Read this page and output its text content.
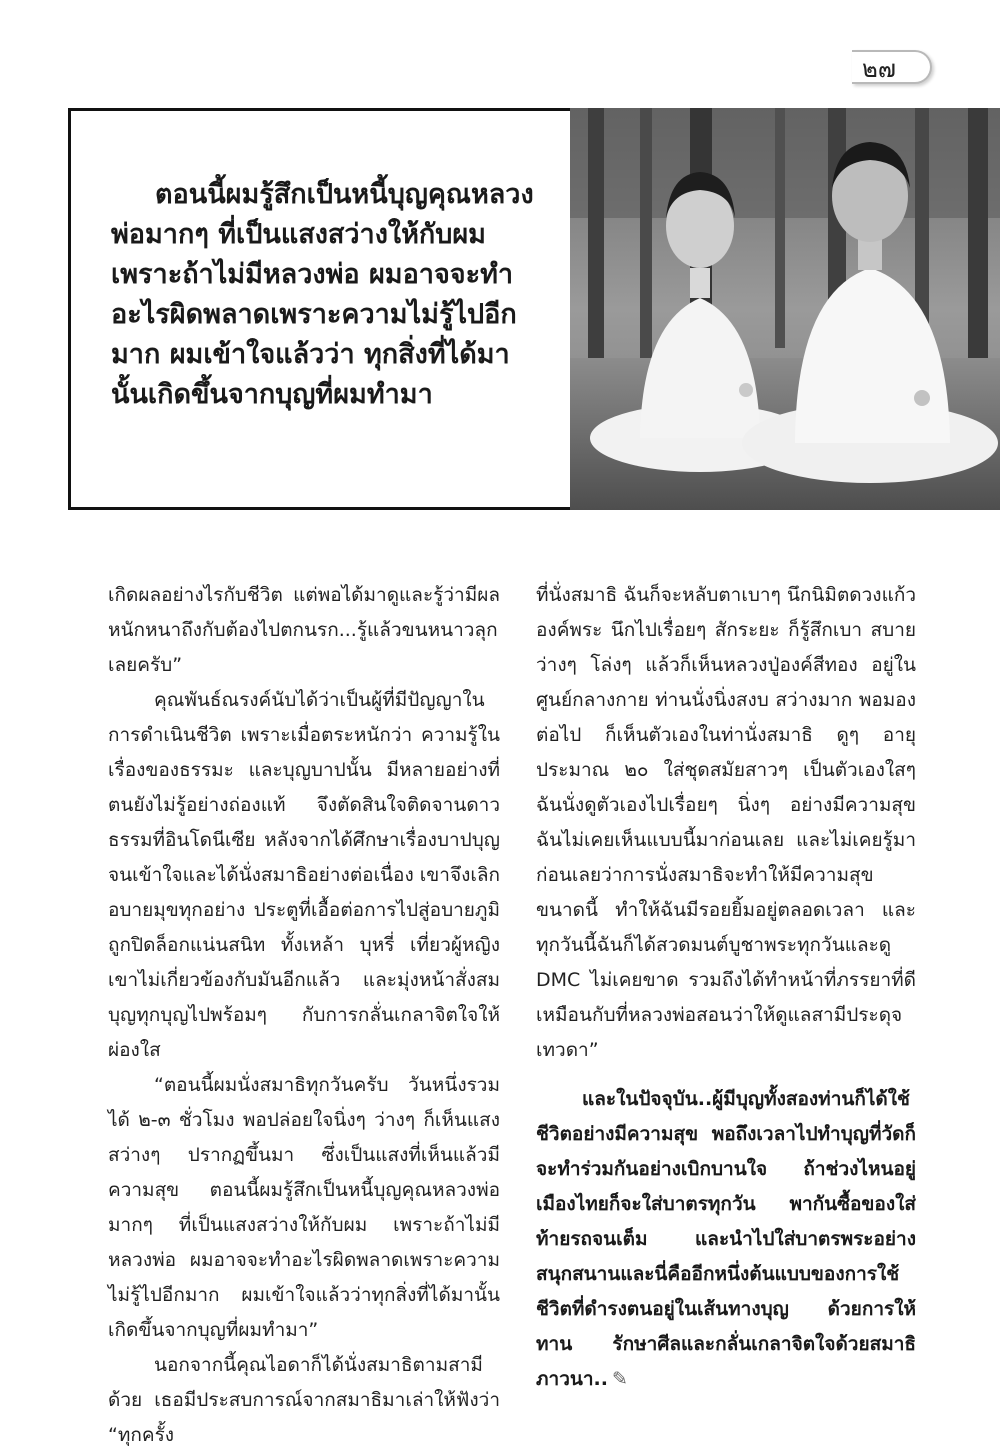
๒๗

ตอนนี้ผมรู้สึกเป็นหนี้บุญคุณหลวงพ่อมากๆ ที่เป็นแสงสว่างให้กับผม เพราะถ้าไม่มีหลวงพ่อ ผมอาจจะทำอะไรผิดพลาดเพราะความไม่รู้ไปอีกมาก ผมเข้าใจแล้วว่า ทุกสิ่งที่ได้มานั้นเกิดขึ้นจากบุญที่ผมทำมา

เกิดผลอย่างไรกับชีวิต แต่พอได้มาดูและรู้ว่ามีผลหนักหนาถึงกับต้องไปตกนรก...รู้แล้วขนหนาวลุกเลยครับ”

คุณพันธ์ณรงค์นับได้ว่าเป็นผู้ที่มีปัญญาในการดำเนินชีวิต เพราะเมื่อตระหนักว่า ความรู้ในเรื่องของธรรมะ และบุญบาปนั้น มีหลายอย่างที่ตนยังไม่รู้อย่างถ่องแท้ จึงตัดสินใจติดจานดาวธรรมที่อินโดนีเซีย หลังจากได้ศึกษาเรื่องบาปบุญจนเข้าใจและได้นั่งสมาธิอย่างต่อเนื่อง เขาจึงเลิกอบายมุขทุกอย่าง ประตูที่เอื้อต่อการไปสู่อบายภูมิถูกปิดล็อกแน่นสนิท ทั้งเหล้า บุหรี่ เที่ยวผู้หญิง เขาไม่เกี่ยวข้องกับมันอีกแล้ว และมุ่งหน้าสั่งสมบุญทุกบุญไปพร้อมๆ กับการกลั่นเกลาจิตใจให้ผ่องใส

“ตอนนี้ผมนั่งสมาธิทุกวันครับ วันหนึ่งรวมได้ ๒-๓ ชั่วโมง พอปล่อยใจนิ่งๆ ว่างๆ ก็เห็นแสงสว่างๆ ปรากฏขึ้นมา ซึ่งเป็นแสงที่เห็นแล้วมีความสุข ตอนนี้ผมรู้สึกเป็นหนี้บุญคุณหลวงพ่อมากๆ ที่เป็นแสงสว่างให้กับผม เพราะถ้าไม่มีหลวงพ่อ ผมอาจจะทำอะไรผิดพลาดเพราะความไม่รู้ไปอีกมาก ผมเข้าใจแล้วว่าทุกสิ่งที่ได้มานั้นเกิดขึ้นจากบุญที่ผมทำมา”

นอกจากนี้คุณไอดาก็ได้นั่งสมาธิตามสามีด้วย เธอมีประสบการณ์จากสมาธิมาเล่าให้ฟังว่า “ทุกครั้ง

ที่นั่งสมาธิ ฉันก็จะหลับตาเบาๆ นึกนิมิตดวงแก้วองค์พระ นึกไปเรื่อยๆ สักระยะ ก็รู้สึกเบา สบาย ว่างๆ โล่งๆ แล้วก็เห็นหลวงปู่องค์สีทอง อยู่ในศูนย์กลางกาย ท่านนั่งนิ่งสงบ สว่างมาก พอมองต่อไป ก็เห็นตัวเองในท่านั่งสมาธิ ดูๆ อายุประมาณ ๒๐ ใส่ชุดสมัยสาวๆ เป็นตัวเองใสๆ ฉันนั่งดูตัวเองไปเรื่อยๆ นิ่งๆ อย่างมีความสุข ฉันไม่เคยเห็นแบบนี้มาก่อนเลย และไม่เคยรู้มาก่อนเลยว่าการนั่งสมาธิจะทำให้มีความสุขขนาดนี้ ทำให้ฉันมีรอยยิ้มอยู่ตลอดเวลา และทุกวันนี้ฉันก็ได้สวดมนต์บูชาพระทุกวันและดู DMC ไม่เคยขาด รวมถึงได้ทำหน้าที่ภรรยาที่ดี เหมือนกับที่หลวงพ่อสอนว่าให้ดูแลสามีประดุจเทวดา”

และในปัจจุบัน..ผู้มีบุญทั้งสองท่านก็ได้ใช้ชีวิตอย่างมีความสุข พอถึงเวลาไปทำบุญที่วัดก็จะทำร่วมกันอย่างเบิกบานใจ ถ้าช่วงไหนอยู่เมืองไทยก็จะใส่บาตรทุกวัน พากันซื้อของใส่ท้ายรถจนเต็ม และนำไปใส่บาตรพระอย่างสนุกสนานและนี่คืออีกหนึ่งต้นแบบของการใช้ชีวิตที่ดำรงตนอยู่ในเส้นทางบุญ ด้วยการให้ทาน รักษาศีลและกลั่นเกลาจิตใจด้วยสมาธิภาวนา.. ✎
